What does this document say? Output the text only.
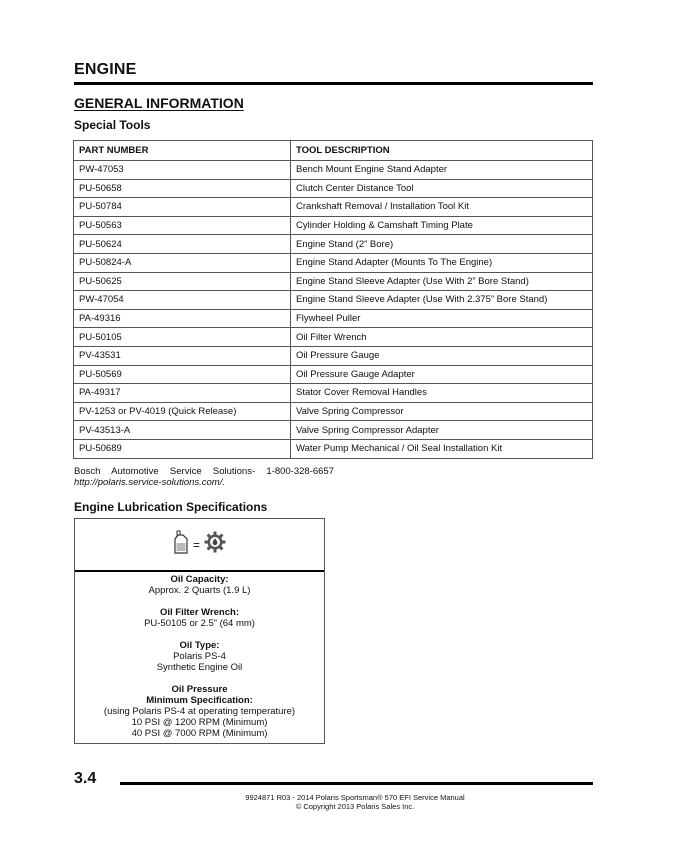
ENGINE
GENERAL INFORMATION
Special Tools
PART NUMBER	TOOL DESCRIPTION
PW-47053	Bench Mount Engine Stand Adapter
PU-50658	Clutch Center Distance Tool
PU-50784	Crankshaft Removal / Installation Tool Kit
PU-50563	Cylinder Holding & Camshaft Timing Plate
PU-50624	Engine Stand (2” Bore)
PU-50824-A	Engine Stand Adapter (Mounts To The Engine)
PU-50625	Engine Stand Sleeve Adapter (Use With 2” Bore Stand)
PW-47054	Engine Stand Sleeve Adapter (Use With 2.375” Bore Stand)
PA-49316	Flywheel Puller
PU-50105	Oil Filter Wrench
PV-43531	Oil Pressure Gauge
PU-50569	Oil Pressure Gauge Adapter
PA-49317	Stator Cover Removal Handles
PV-1253 or PV-4019 (Quick Release)	Valve Spring Compressor
PV-43513-A	Valve Spring Compressor Adapter
PU-50689	Water Pump Mechanical / Oil Seal Installation Kit
Bosch Automotive Service Solutions- 1-800-328-6657
http://polaris.service-solutions.com/.
Engine Lubrication Specifications
=
Oil Capacity:
Approx. 2 Quarts (1.9 L)
Oil Filter Wrench:
PU-50105 or 2.5” (64 mm)
Oil Type:
Polaris PS-4
Synthetic Engine Oil
Oil Pressure
Minimum Specification:
(using Polaris PS-4 at operating temperature)
10 PSI @ 1200 RPM (Minimum)
40 PSI @ 7000 RPM (Minimum)
3.4
9924871 R03 - 2014 Polaris Sportsman® 570 EFI Service Manual
© Copyright 2013 Polaris Sales Inc.
